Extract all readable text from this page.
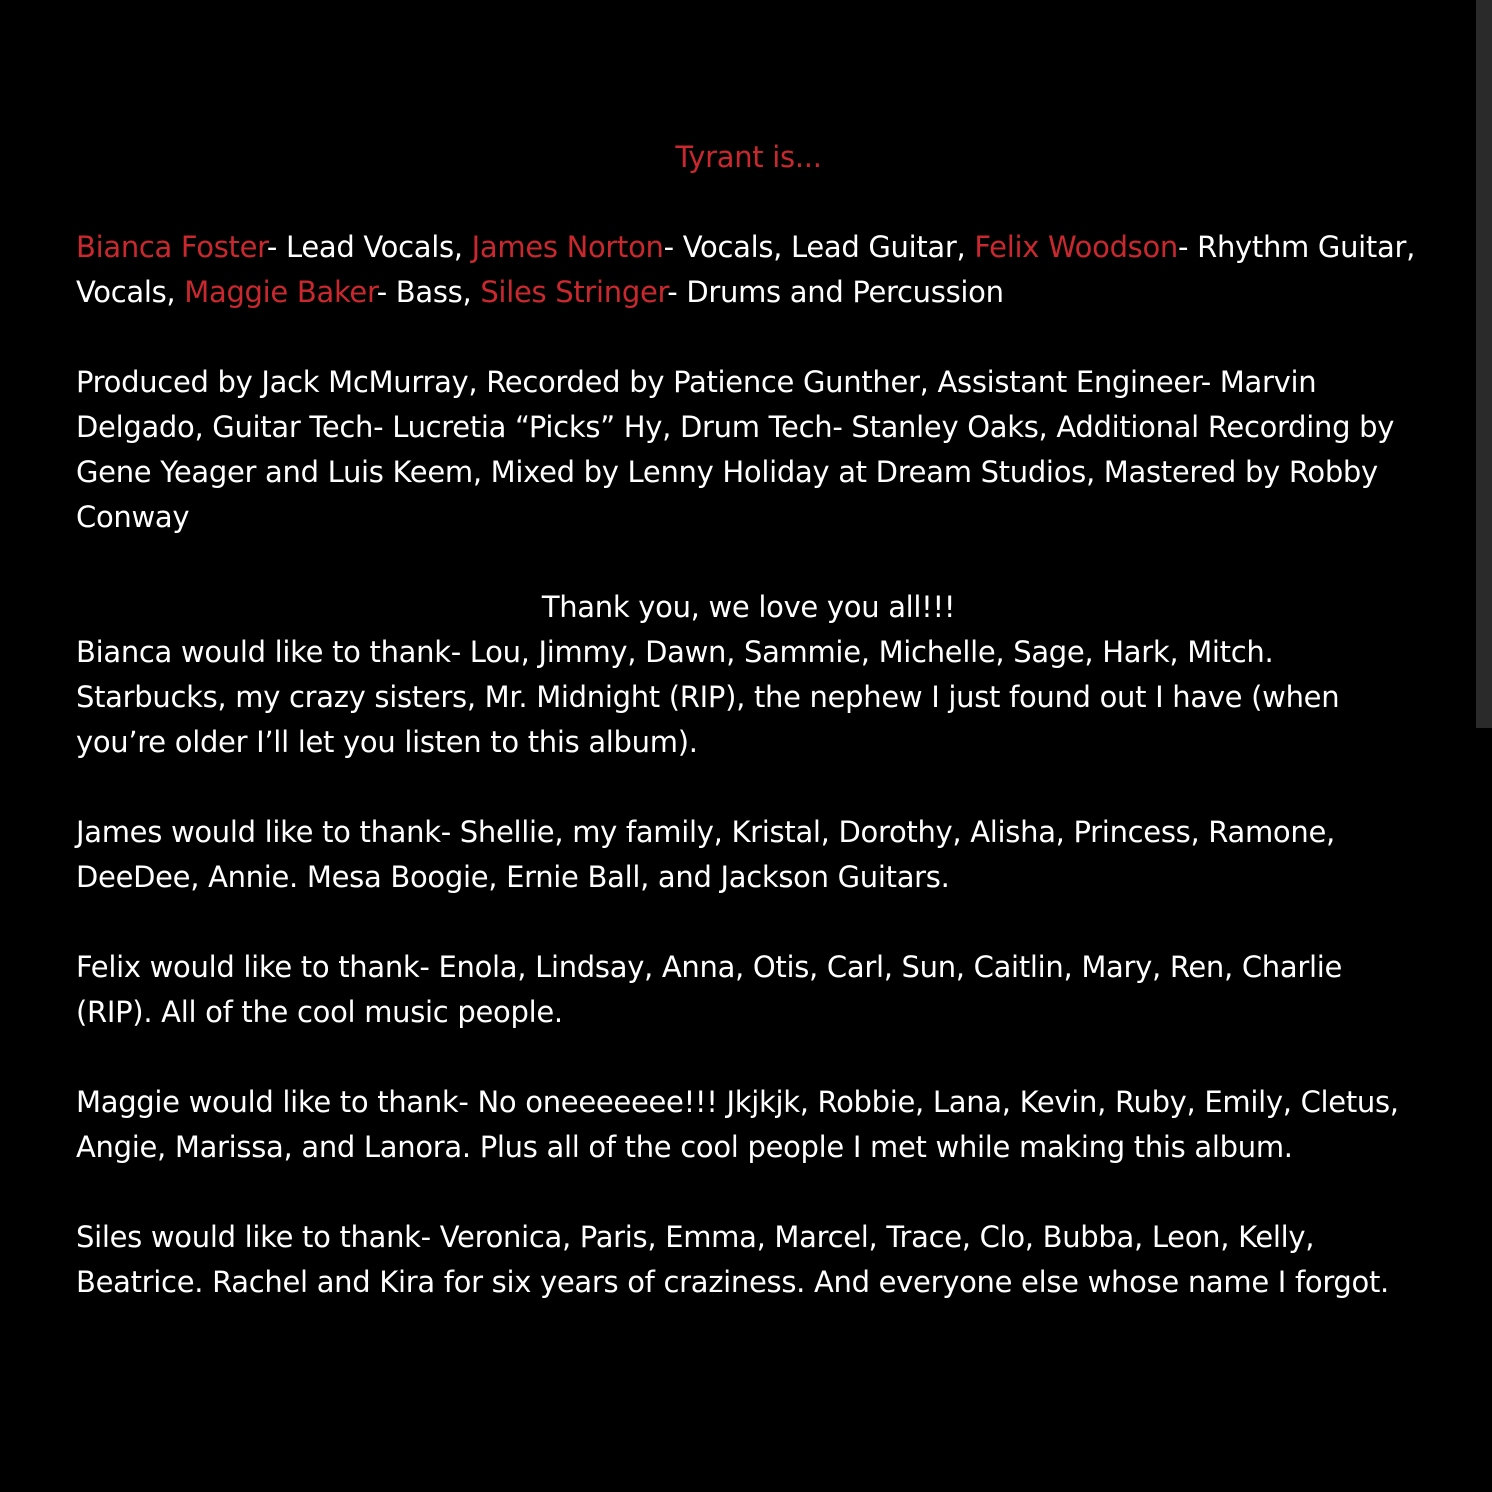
Tyrant is...

Bianca Foster- Lead Vocals, James Norton- Vocals, Lead Guitar, Felix Woodson- Rhythm Guitar, Vocals, Maggie Baker- Bass, Siles Stringer- Drums and Percussion

Produced by Jack McMurray, Recorded by Patience Gunther, Assistant Engineer- Marvin Delgado, Guitar Tech- Lucretia “Picks” Hy, Drum Tech- Stanley Oaks, Additional Recording by Gene Yeager and Luis Keem, Mixed by Lenny Holiday at Dream Studios, Mastered by Robby Conway

Thank you, we love you all!!!

Bianca would like to thank- Lou, Jimmy, Dawn, Sammie, Michelle, Sage, Hark, Mitch. Starbucks, my crazy sisters, Mr. Midnight (RIP), the nephew I just found out I have (when you’re older I’ll let you listen to this album).

James would like to thank- Shellie, my family, Kristal, Dorothy, Alisha, Princess, Ramone, DeeDee, Annie. Mesa Boogie, Ernie Ball, and Jackson Guitars.

Felix would like to thank- Enola, Lindsay, Anna, Otis, Carl, Sun, Caitlin, Mary, Ren, Charlie (RIP). All of the cool music people.

Maggie would like to thank- No oneeeeeee!!! Jkjkjk, Robbie, Lana, Kevin, Ruby, Emily, Cletus, Angie, Marissa, and Lanora. Plus all of the cool people I met while making this album.

Siles would like to thank- Veronica, Paris, Emma, Marcel, Trace, Clo, Bubba, Leon, Kelly, Beatrice. Rachel and Kira for six years of craziness. And everyone else whose name I forgot.
